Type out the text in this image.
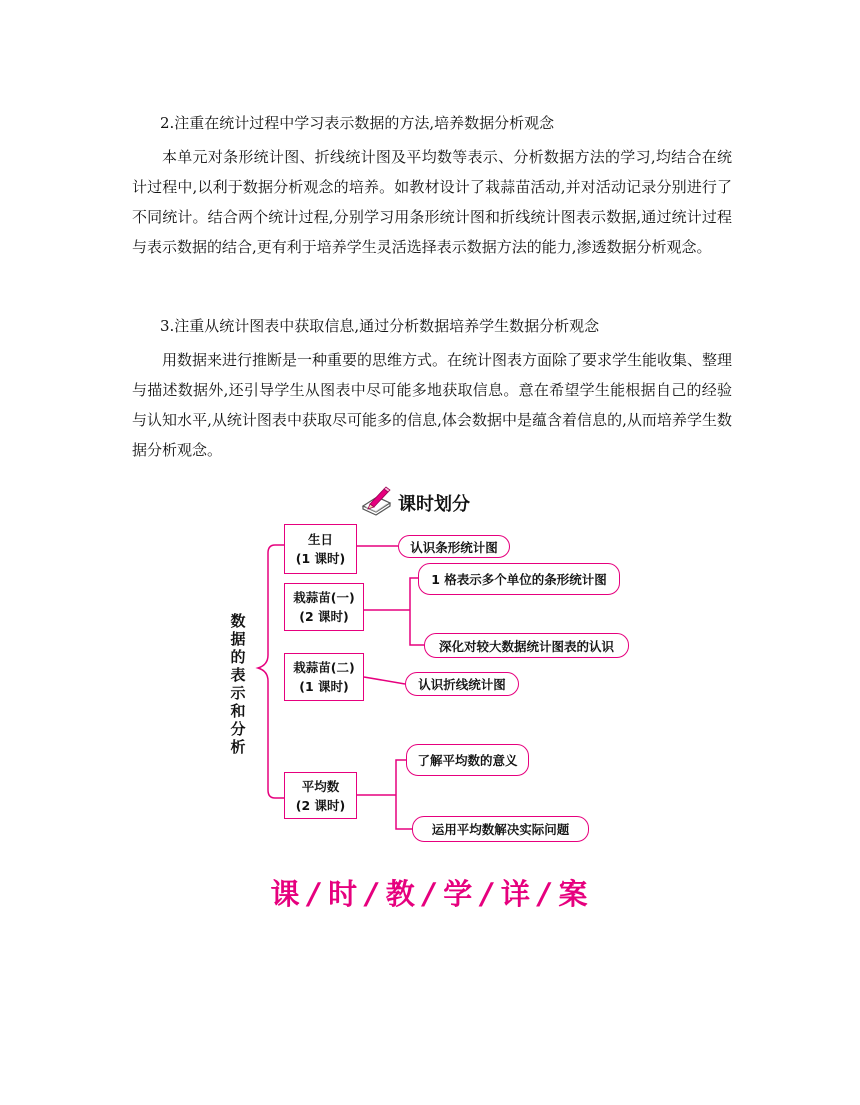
2.注重在统计过程中学习表示数据的方法,培养数据分析观念

本单元对条形统计图、折线统计图及平均数等表示、分析数据方法的学习,均结合在统计过程中,以利于数据分析观念的培养。如教材设计了栽蒜苗活动,并对活动记录分别进行了不同统计。结合两个统计过程,分别学习用条形统计图和折线统计图表示数据,通过统计过程与表示数据的结合,更有利于培养学生灵活选择表示数据方法的能力,渗透数据分析观念。

3.注重从统计图表中获取信息,通过分析数据培养学生数据分析观念

用数据来进行推断是一种重要的思维方式。在统计图表方面除了要求学生能收集、整理与描述数据外,还引导学生从图表中尽可能多地获取信息。意在希望学生能根据自己的经验与认知水平,从统计图表中获取尽可能多的信息,体会数据中是蕴含着信息的,从而培养学生数据分析观念。

课时划分
数据的表示和分析
生日
(1 课时)
栽蒜苗(一)
(2 课时)
栽蒜苗(二)
(1 课时)
平均数
(2 课时)
认识条形统计图
1 格表示多个单位的条形统计图
深化对较大数据统计图表的认识
认识折线统计图
了解平均数的意义
运用平均数解决实际问题
课 / 时 / 教 / 学 / 详 / 案
